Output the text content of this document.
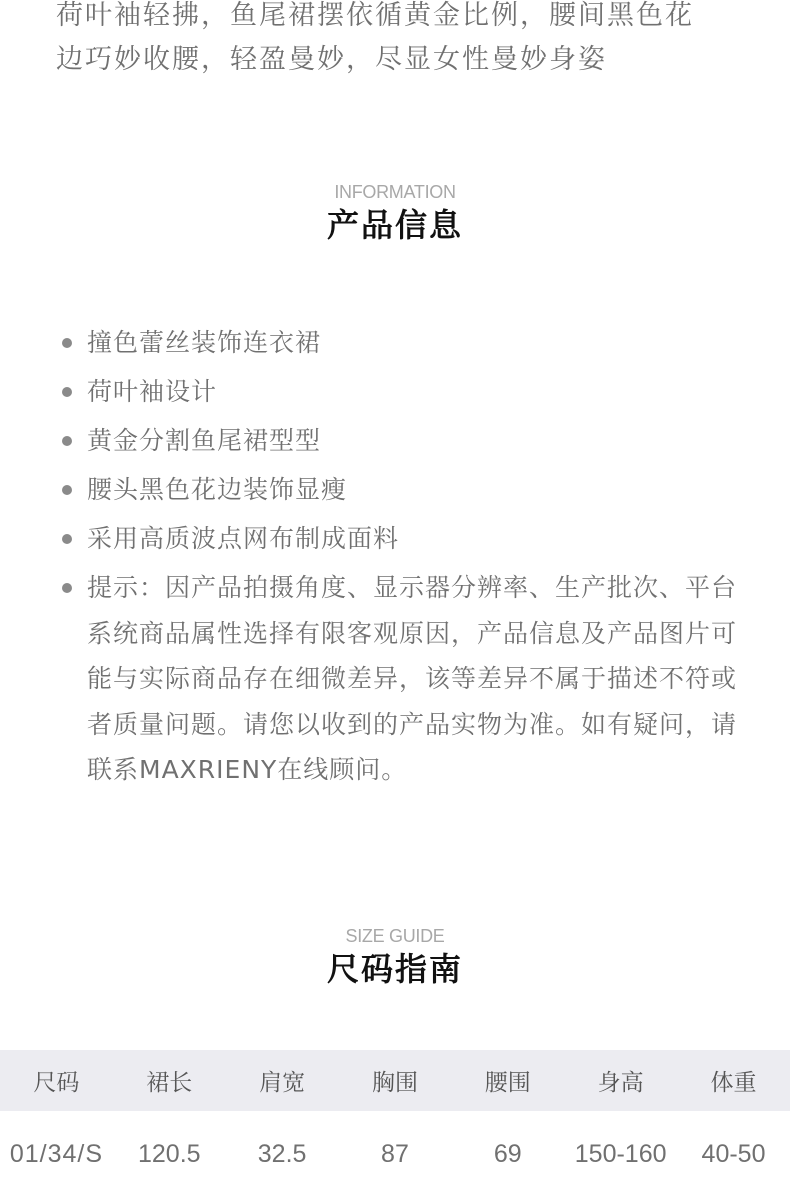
荷叶袖轻拂，鱼尾裙摆依循黄金比例，腰间黑色花

边巧妙收腰，轻盈曼妙，尽显女性曼妙身姿

INFORMATION
产品信息
撞色蕾丝装饰连衣裙
荷叶袖设计
黄金分割鱼尾裙型型
腰头黑色花边装饰显瘦
采用高质波点网布制成面料
提示：因产品拍摄角度、显示器分辨率、生产批次、平台系统商品属性选择有限客观原因，产品信息及产品图片可能与实际商品存在细微差异，该等差异不属于描述不符或者质量问题。请您以收到的产品实物为准。如有疑问，请联系MAXRIENY在线顾问。
SIZE GUIDE
尺码指南
尺码	裙长	肩宽	胸围	腰围	身高	体重
01/34/S	120.5	32.5	87	69	150-160	40-50
